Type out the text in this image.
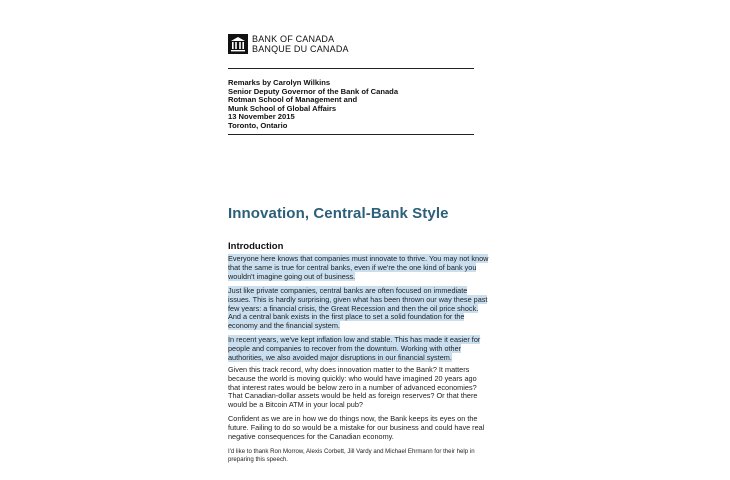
BANK OF CANADA
BANQUE DU CANADA
Remarks by Carolyn Wilkins
Senior Deputy Governor of the Bank of Canada
Rotman School of Management and
Munk School of Global Affairs
13 November 2015
Toronto, Ontario
Innovation, Central-Bank Style
Introduction
Everyone here knows that companies must innovate to thrive. You may not know
that the same is true for central banks, even if we're the one kind of bank you
wouldn't imagine going out of business.
Just like private companies, central banks are often focused on immediate
issues. This is hardly surprising, given what has been thrown our way these past
few years: a financial crisis, the Great Recession and then the oil price shock.
And a central bank exists in the first place to set a solid foundation for the
economy and the financial system.
In recent years, we've kept inflation low and stable. This has made it easier for
people and companies to recover from the downturn. Working with other
authorities, we also avoided major disruptions in our financial system.
Given this track record, why does innovation matter to the Bank? It matters
because the world is moving quickly: who would have imagined 20 years ago
that interest rates would be below zero in a number of advanced economies?
That Canadian-dollar assets would be held as foreign reserves? Or that there
would be a Bitcoin ATM in your local pub?
Confident as we are in how we do things now, the Bank keeps its eyes on the
future. Failing to do so would be a mistake for our business and could have real
negative consequences for the Canadian economy.
I'd like to thank Ron Morrow, Alexis Corbett, Jill Vardy and Michael Ehrmann for their help in
preparing this speech.
